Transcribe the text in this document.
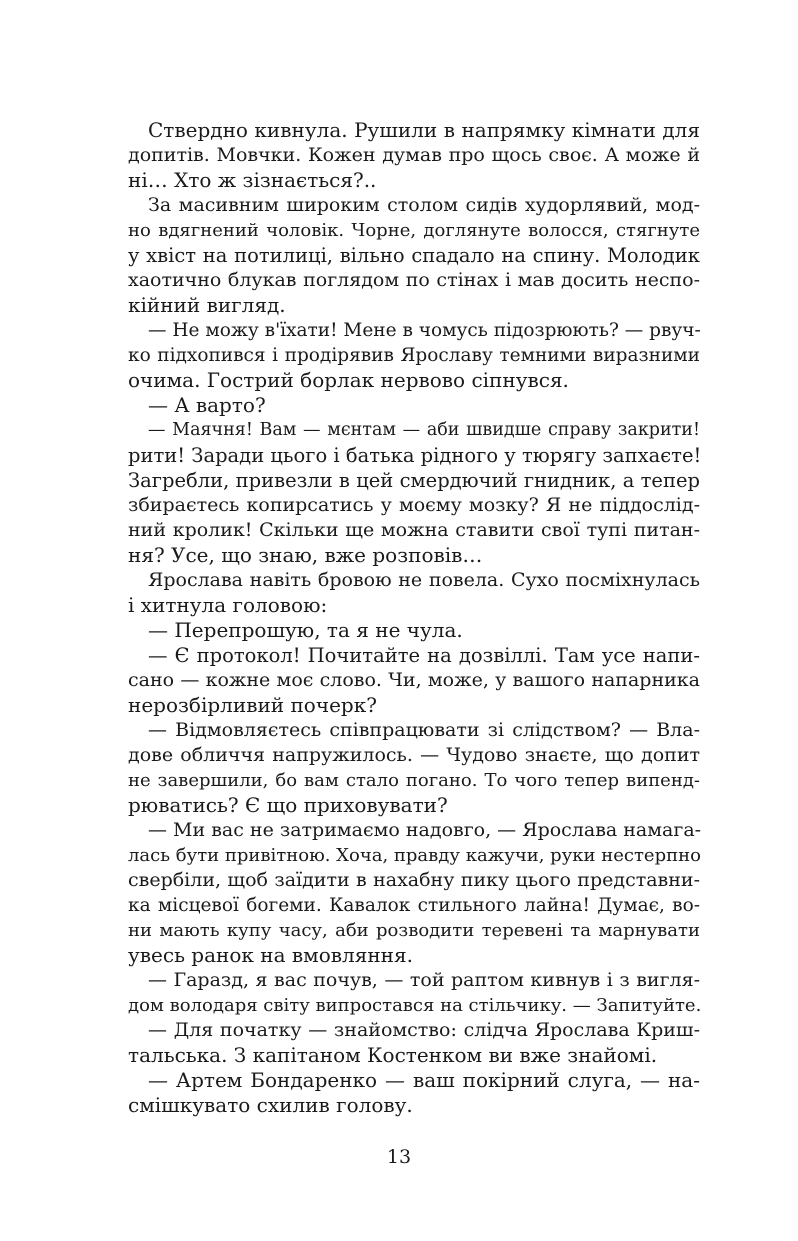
Ствердно кивнула. Рушили в напрямку кімнати для
допитів. Мовчки. Кожен думав про щось своє. А може й
ні… Хто ж зізнається?..
За масивним широким столом сидів худорлявий, мод-
но вдягнений чоловік. Чорне, доглянуте волосся, стягнуте
у хвіст на потилиці, вільно спадало на спину. Молодик
хаотично блукав поглядом по стінах і мав досить неспо-
кійний вигляд.
— Не можу в'їхати! Мене в чомусь підозрюють? — рвуч-
ко підхопився і продірявив Ярославу темними виразними
очима. Гострий борлак нервово сіпнувся.
— А варто?
— Маячня! Вам — мєнтам — аби швидше справу закрити!
рити! Заради цього і батька рідного у тюрягу запхаєте!
Загребли, привезли в цей смердючий гнидник, а тепер
збираєтесь копирсатись у моєму мозку? Я не піддослід-
ний кролик! Скільки ще можна ставити свої тупі питан-
ня? Усе, що знаю, вже розповів…
Ярослава навіть бровою не повела. Сухо посміхнулась
і хитнула головою:
— Перепрошую, та я не чула.
— Є протокол! Почитайте на дозвіллі. Там усе напи-
сано — кожне моє слово. Чи, може, у вашого напарника
нерозбірливий почерк?
— Відмовляєтесь співпрацювати зі слідством? — Вла-
дове обличчя напружилось. — Чудово знаєте, що допит
не завершили, бо вам стало погано. То чого тепер випенд-
рюватись? Є що приховувати?
— Ми вас не затримаємо надовго, — Ярослава намага-
лась бути привітною. Хоча, правду кажучи, руки нестерпно
свербіли, щоб заїдити в нахабну пику цього представни-
ка місцевої богеми. Кавалок стильного лайна! Думає, во-
ни мають купу часу, аби розводити теревені та марнувати
увесь ранок на вмовляння.
— Гаразд, я вас почув, — той раптом кивнув і з вигля-
дом володаря світу випростався на стільчику. — Запитуйте.
— Для початку — знайомство: слідча Ярослава Криш-
тальська. З капітаном Костенком ви вже знайомі.
— Артем Бондаренко — ваш покірний слуга, — на-
смішкувато схилив голову.
13
